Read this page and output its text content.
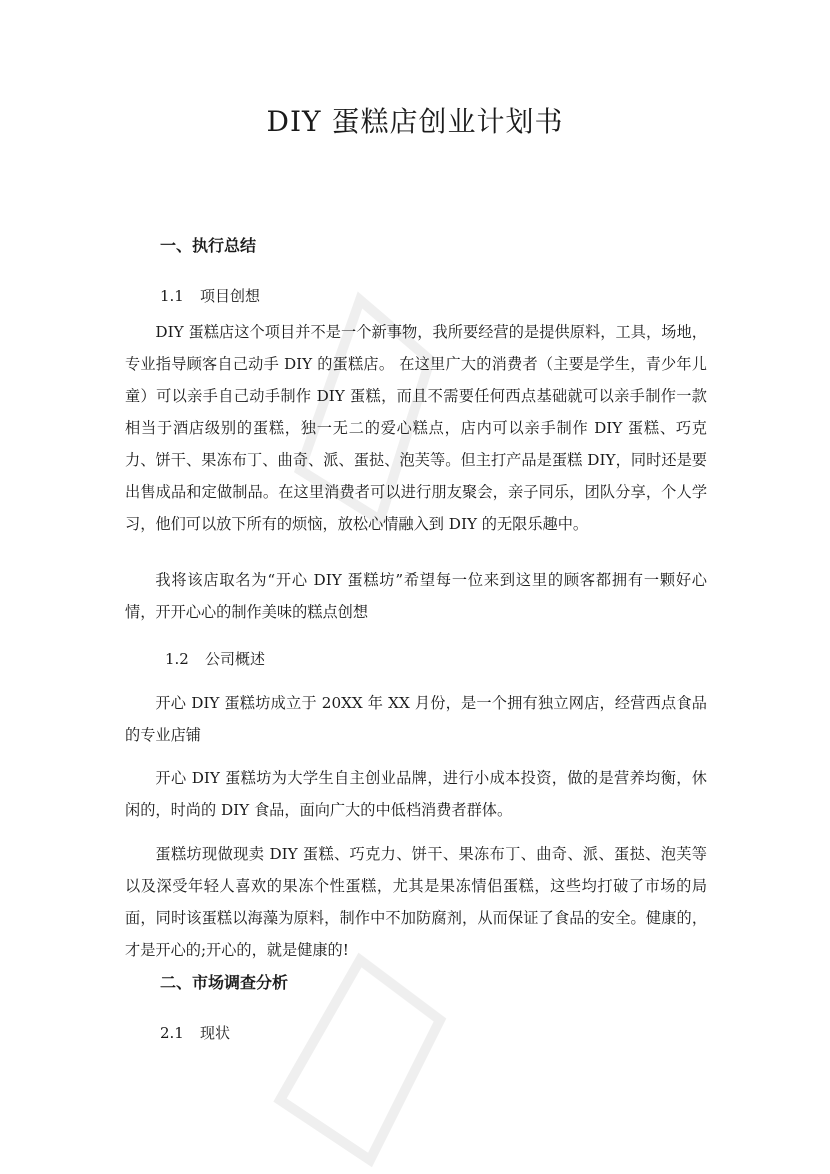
DIY 蛋糕店创业计划书
一、执行总结
1.1 项目创想

DIY 蛋糕店这个项目并不是一个新事物，我所要经营的是提供原料，工具，场地，专业指导顾客自己动手 DIY 的蛋糕店。 在这里广大的消费者（主要是学生，青少年儿童）可以亲手自己动手制作 DIY 蛋糕，而且不需要任何西点基础就可以亲手制作一款相当于酒店级别的蛋糕，独一无二的爱心糕点，店内可以亲手制作 DIY 蛋糕、巧克力、饼干、果冻布丁、曲奇、派、蛋挞、泡芙等。但主打产品是蛋糕 DIY，同时还是要出售成品和定做制品。在这里消费者可以进行朋友聚会，亲子同乐，团队分享，个人学习，他们可以放下所有的烦恼，放松心情融入到 DIY 的无限乐趣中。

我将该店取名为“开心 DIY 蛋糕坊”希望每一位来到这里的顾客都拥有一颗好心情，开开心心的制作美味的糕点创想

1.2 公司概述

开心 DIY 蛋糕坊成立于 20XX 年 XX 月份，是一个拥有独立网店，经营西点食品的专业店铺

开心 DIY 蛋糕坊为大学生自主创业品牌，进行小成本投资，做的是营养均衡，休闲的，时尚的 DIY 食品，面向广大的中低档消费者群体。

蛋糕坊现做现卖 DIY 蛋糕、巧克力、饼干、果冻布丁、曲奇、派、蛋挞、泡芙等以及深受年轻人喜欢的果冻个性蛋糕，尤其是果冻情侣蛋糕，这些均打破了市场的局面，同时该蛋糕以海藻为原料，制作中不加防腐剂，从而保证了食品的安全。健康的，才是开心的;开心的，就是健康的!

二、市场调查分析
2.1 现状
